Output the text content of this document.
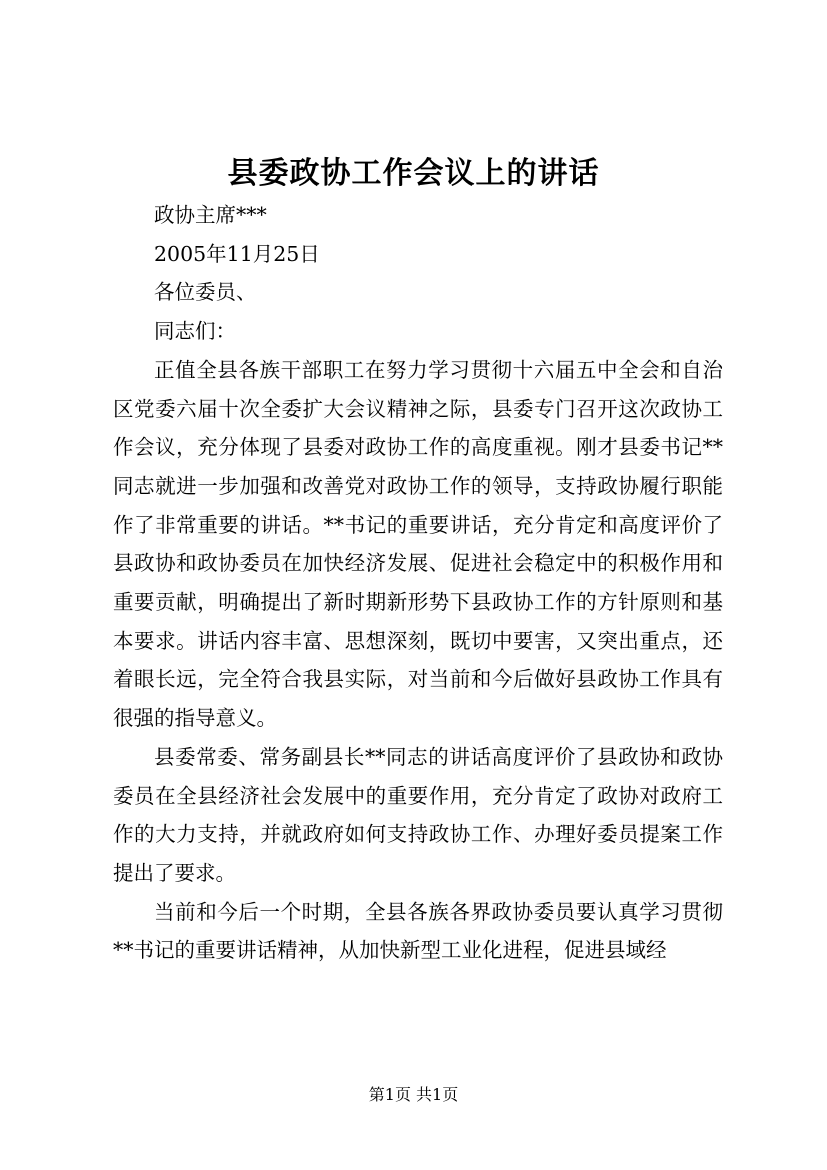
县委政协工作会议上的讲话

政协主席***

2005年11月25日

各位委员、

同志们：

正值全县各族干部职工在努力学习贯彻十六届五中全会和自治区党委六届十次全委扩大会议精神之际，县委专门召开这次政协工作会议，充分体现了县委对政协工作的高度重视。刚才县委书记**同志就进一步加强和改善党对政协工作的领导，支持政协履行职能作了非常重要的讲话。**书记的重要讲话，充分肯定和高度评价了县政协和政协委员在加快经济发展、促进社会稳定中的积极作用和重要贡献，明确提出了新时期新形势下县政协工作的方针原则和基本要求。讲话内容丰富、思想深刻，既切中要害，又突出重点，还着眼长远，完全符合我县实际，对当前和今后做好县政协工作具有很强的指导意义。

县委常委、常务副县长**同志的讲话高度评价了县政协和政协委员在全县经济社会发展中的重要作用，充分肯定了政协对政府工作的大力支持，并就政府如何支持政协工作、办理好委员提案工作提出了要求。

当前和今后一个时期，全县各族各界政协委员要认真学习贯彻**书记的重要讲话精神，从加快新型工业化进程，促进县域经

第1页 共1页
